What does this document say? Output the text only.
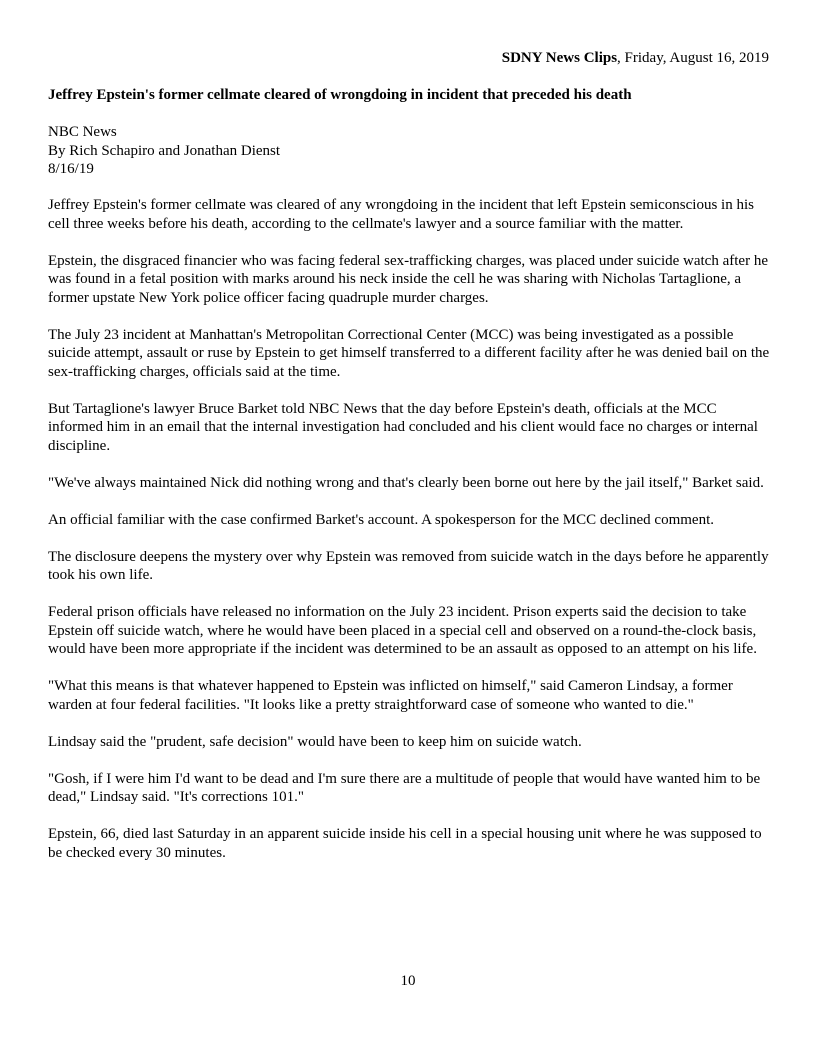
SDNY News Clips, Friday, August 16, 2019
Jeffrey Epstein's former cellmate cleared of wrongdoing in incident that preceded his death
NBC News
By Rich Schapiro and Jonathan Dienst
8/16/19

Jeffrey Epstein's former cellmate was cleared of any wrongdoing in the incident that left Epstein semiconscious in his cell three weeks before his death, according to the cellmate's lawyer and a source familiar with the matter.

Epstein, the disgraced financier who was facing federal sex-trafficking charges, was placed under suicide watch after he was found in a fetal position with marks around his neck inside the cell he was sharing with Nicholas Tartaglione, a former upstate New York police officer facing quadruple murder charges.

The July 23 incident at Manhattan's Metropolitan Correctional Center (MCC) was being investigated as a possible suicide attempt, assault or ruse by Epstein to get himself transferred to a different facility after he was denied bail on the sex-trafficking charges, officials said at the time.

But Tartaglione's lawyer Bruce Barket told NBC News that the day before Epstein's death, officials at the MCC informed him in an email that the internal investigation had concluded and his client would face no charges or internal discipline.

"We've always maintained Nick did nothing wrong and that's clearly been borne out here by the jail itself," Barket said.

An official familiar with the case confirmed Barket's account. A spokesperson for the MCC declined comment.

The disclosure deepens the mystery over why Epstein was removed from suicide watch in the days before he apparently took his own life.

Federal prison officials have released no information on the July 23 incident. Prison experts said the decision to take Epstein off suicide watch, where he would have been placed in a special cell and observed on a round-the-clock basis, would have been more appropriate if the incident was determined to be an assault as opposed to an attempt on his life.

"What this means is that whatever happened to Epstein was inflicted on himself," said Cameron Lindsay, a former warden at four federal facilities. "It looks like a pretty straightforward case of someone who wanted to die."

Lindsay said the "prudent, safe decision" would have been to keep him on suicide watch.

"Gosh, if I were him I'd want to be dead and I'm sure there are a multitude of people that would have wanted him to be dead," Lindsay said. "It's corrections 101."

Epstein, 66, died last Saturday in an apparent suicide inside his cell in a special housing unit where he was supposed to be checked every 30 minutes.

10
